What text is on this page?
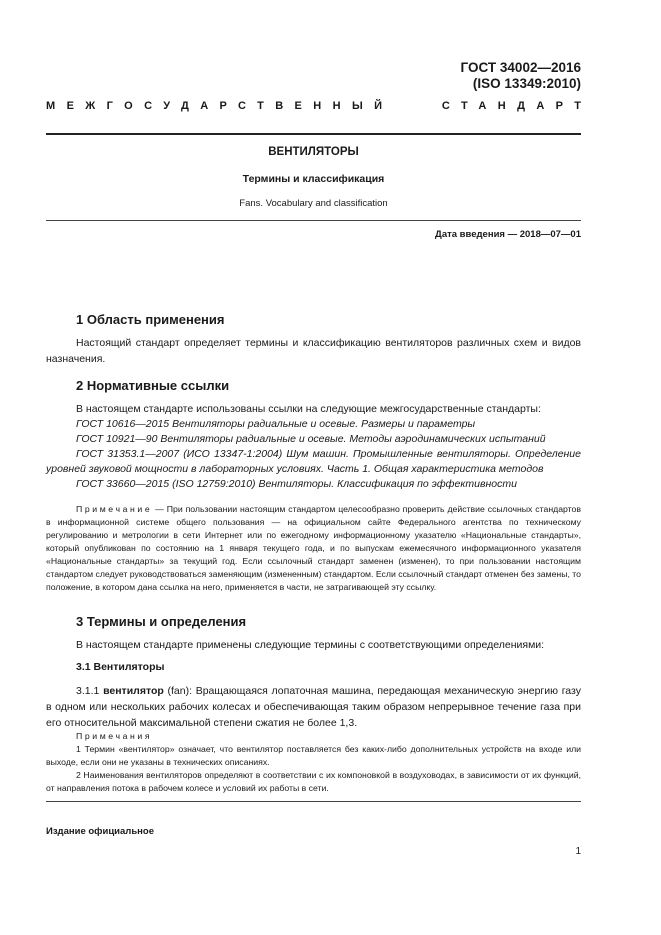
ГОСТ 34002—2016
(ISO 13349:2010)
МЕЖГОСУДАРСТВЕННЫЙ	СТАНДАРТ
ВЕНТИЛЯТОРЫ
Термины и классификация
Fans. Vocabulary and classification
Дата введения — 2018—07—01
1 Область применения

Настоящий стандарт определяет термины и классификацию вентиляторов различных схем и видов назначения.

2 Нормативные ссылки

В настоящем стандарте использованы ссылки на следующие межгосударственные стандарты:

ГОСТ 10616—2015 Вентиляторы радиальные и осевые. Размеры и параметры

ГОСТ 10921—90 Вентиляторы радиальные и осевые. Методы аэродинамических испытаний

ГОСТ 31353.1—2007 (ИСО 13347-1:2004) Шум машин. Промышленные вентиляторы. Определение уровней звуковой мощности в лабораторных условиях. Часть 1. Общая характеристика методов

ГОСТ 33660—2015 (ISO 12759:2010) Вентиляторы. Классификация по эффективности

Примечание — При пользовании настоящим стандартом целесообразно проверить действие ссылочных стандартов в информационной системе общего пользования — на официальном сайте Федерального агентства по техническому регулированию и метрологии в сети Интернет или по ежегодному информационному указателю «Национальные стандарты», который опубликован по состоянию на 1 января текущего года, и по выпускам ежемесячного информационного указателя «Национальные стандарты» за текущий год. Если ссылочный стандарт заменен (изменен), то при пользовании настоящим стандартом следует руководствоваться заменяющим (измененным) стандартом. Если ссылочный стандарт отменен без замены, то положение, в котором дана ссылка на него, применяется в части, не затрагивающей эту ссылку.

3 Термины и определения

В настоящем стандарте применены следующие термины с соответствующими определениями:

3.1 Вентиляторы

3.1.1 вентилятор (fan): Вращающаяся лопаточная машина, передающая механическую энергию газу в одном или нескольких рабочих колесах и обеспечивающая таким образом непрерывное течение газа при его относительной максимальной степени сжатия не более 1,3.

Примечания

1 Термин «вентилятор» означает, что вентилятор поставляется без каких-либо дополнительных устройств на входе или выходе, если они не указаны в технических описаниях.

2 Наименования вентиляторов определяют в соответствии с их компоновкой в воздуховодах, в зависимости от их функций, от направления потока в рабочем колесе и условий их работы в сети.

Издание официальное
1
